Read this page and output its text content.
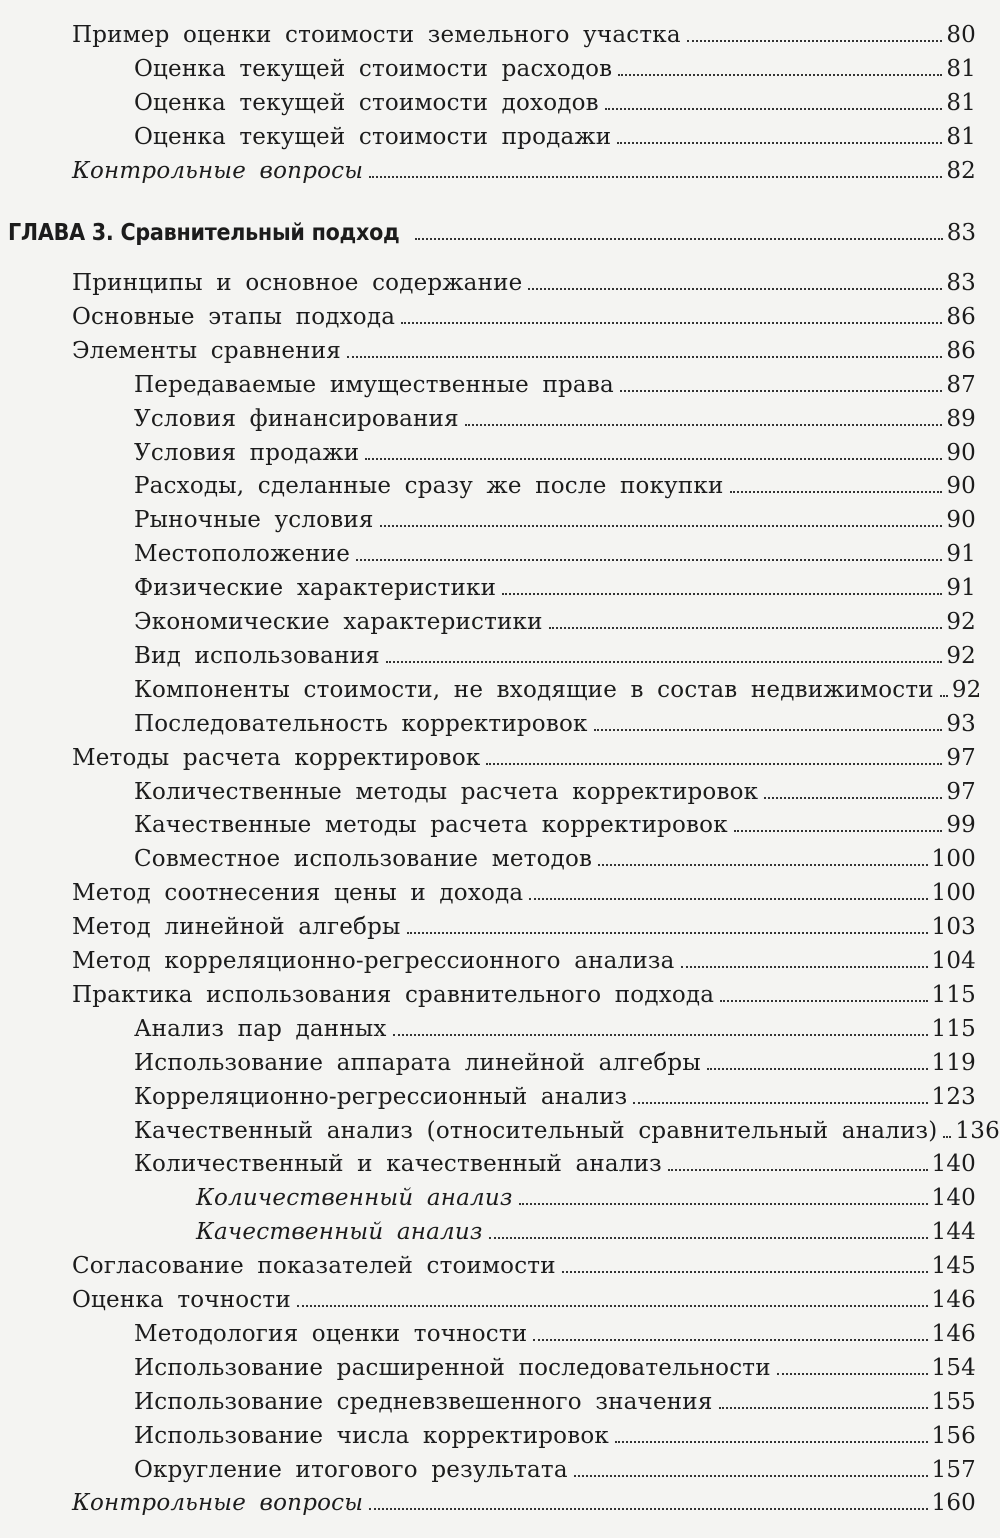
Пример оценки стоимости земельного участка	80
Оценка текущей стоимости расходов	81
Оценка текущей стоимости доходов	81
Оценка текущей стоимости продажи	81
Контрольные вопросы	82
ГЛАВА 3. Сравнительный подход	83
Принципы и основное содержание	83
Основные этапы подхода	86
Элементы сравнения	86
Передаваемые имущественные права	87
Условия финансирования	89
Условия продажи	90
Расходы, сделанные сразу же после покупки	90
Рыночные условия	90
Местоположение	91
Физические характеристики	91
Экономические характеристики	92
Вид использования	92
Компоненты стоимости, не входящие в состав недвижимости 92
Последовательность корректировок	93
Методы расчета корректировок	97
Количественные методы расчета корректировок	97
Качественные методы расчета корректировок	99
Совместное использование методов	100
Метод соотнесения цены и дохода	100
Метод линейной алгебры	103
Метод корреляционно-регрессионного анализа	104
Практика использования сравнительного подхода	115
Анализ пар данных	115
Использование аппарата линейной алгебры	119
Корреляционно-регрессионный анализ	123
Качественный анализ (относительный сравнительный анализ) 136
Количественный и качественный анализ	140
Количественный анализ	140
Качественный анализ	144
Согласование показателей стоимости	145
Оценка точности	146
Методология оценки точности	146
Использование расширенной последовательности	154
Использование средневзвешенного значения	155
Использование числа корректировок	156
Округление итогового результата	157
Контрольные вопросы	160
